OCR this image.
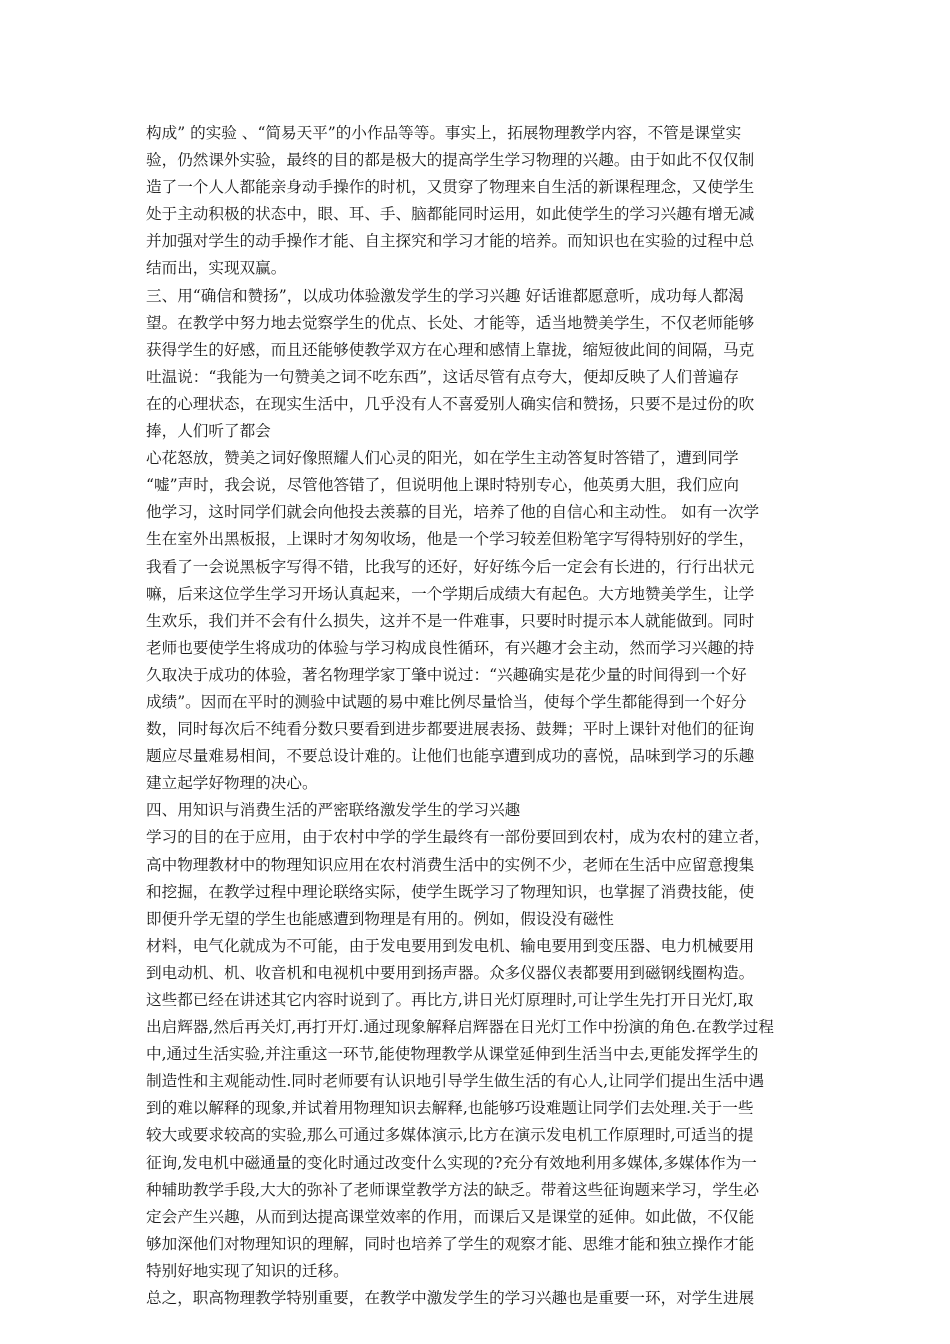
构成” 的实验 、“简易天平”的小作品等等。事实上，拓展物理教学内容，不管是课堂实
验，仍然课外实验，最终的目的都是极大的提高学生学习物理的兴趣。由于如此不仅仅制
造了一个人人都能亲身动手操作的时机，又贯穿了物理来自生活的新课程理念，又使学生
处于主动积极的状态中，眼、耳、手、脑都能同时运用，如此使学生的学习兴趣有增无减
并加强对学生的动手操作才能、自主探究和学习才能的培养。而知识也在实验的过程中总
结而出，实现双赢。
三、用“确信和赞扬”，以成功体验激发学生的学习兴趣 好话谁都愿意听，成功每人都渴
望。在教学中努力地去觉察学生的优点、长处、才能等，适当地赞美学生，不仅老师能够
获得学生的好感，而且还能够使教学双方在心理和感情上靠拢，缩短彼此间的间隔，马克
吐温说：“我能为一句赞美之词不吃东西”，这话尽管有点夸大，便却反映了人们普遍存
在的心理状态，在现实生活中，几乎没有人不喜爱别人确实信和赞扬，只要不是过份的吹
捧，人们听了都会
心花怒放，赞美之词好像照耀人们心灵的阳光，如在学生主动答复时答错了，遭到同学
“嘘”声时，我会说，尽管他答错了，但说明他上课时特别专心，他英勇大胆，我们应向
他学习，这时同学们就会向他投去羡慕的目光，培养了他的自信心和主动性。 如有一次学
生在室外出黑板报，上课时才匆匆收场，他是一个学习较差但粉笔字写得特别好的学生，
我看了一会说黑板字写得不错，比我写的还好，好好练今后一定会有长进的，行行出状元
嘛，后来这位学生学习开场认真起来，一个学期后成绩大有起色。大方地赞美学生，让学
生欢乐，我们并不会有什么损失，这并不是一件难事，只要时时提示本人就能做到。同时
老师也要使学生将成功的体验与学习构成良性循环，有兴趣才会主动，然而学习兴趣的持
久取决于成功的体验，著名物理学家丁肇中说过：“兴趣确实是花少量的时间得到一个好
成绩”。因而在平时的测验中试题的易中难比例尽量恰当，使每个学生都能得到一个好分
数，同时每次后不纯看分数只要看到进步都要进展表扬、鼓舞；平时上课针对他们的征询
题应尽量难易相间，不要总设计难的。让他们也能享遭到成功的喜悦，品味到学习的乐趣
建立起学好物理的决心。
四、用知识与消费生活的严密联络激发学生的学习兴趣
学习的目的在于应用，由于农村中学的学生最终有一部份要回到农村，成为农村的建立者，
高中物理教材中的物理知识应用在农村消费生活中的实例不少，老师在生活中应留意搜集
和挖掘，在教学过程中理论联络实际，使学生既学习了物理知识，也掌握了消费技能，使
即便升学无望的学生也能感遭到物理是有用的。例如，假设没有磁性
材料，电气化就成为不可能，由于发电要用到发电机、输电要用到变压器、电力机械要用
到电动机、机、收音机和电视机中要用到扬声器。众多仪器仪表都要用到磁钢线圈构造。
这些都已经在讲述其它内容时说到了。再比方,讲日光灯原理时,可让学生先打开日光灯,取
出启辉器,然后再关灯,再打开灯.通过现象解释启辉器在日光灯工作中扮演的角色.在教学过程
中,通过生活实验,并注重这一环节,能使物理教学从课堂延伸到生活当中去,更能发挥学生的
制造性和主观能动性.同时老师要有认识地引导学生做生活的有心人,让同学们提出生活中遇
到的难以解释的现象,并试着用物理知识去解释,也能够巧设难题让同学们去处理.关于一些
较大或要求较高的实验,那么可通过多媒体演示,比方在演示发电机工作原理时,可适当的提
征询,发电机中磁通量的变化时通过改变什么实现的?充分有效地利用多媒体,多媒体作为一
种辅助教学手段,大大的弥补了老师课堂教学方法的缺乏。带着这些征询题来学习，学生必
定会产生兴趣，从而到达提高课堂效率的作用，而课后又是课堂的延伸。如此做，不仅能
够加深他们对物理知识的理解，同时也培养了学生的观察才能、思维才能和独立操作才能
特别好地实现了知识的迁移。
总之，职高物理教学特别重要，在教学中激发学生的学习兴趣也是重要一环，对学生进展
